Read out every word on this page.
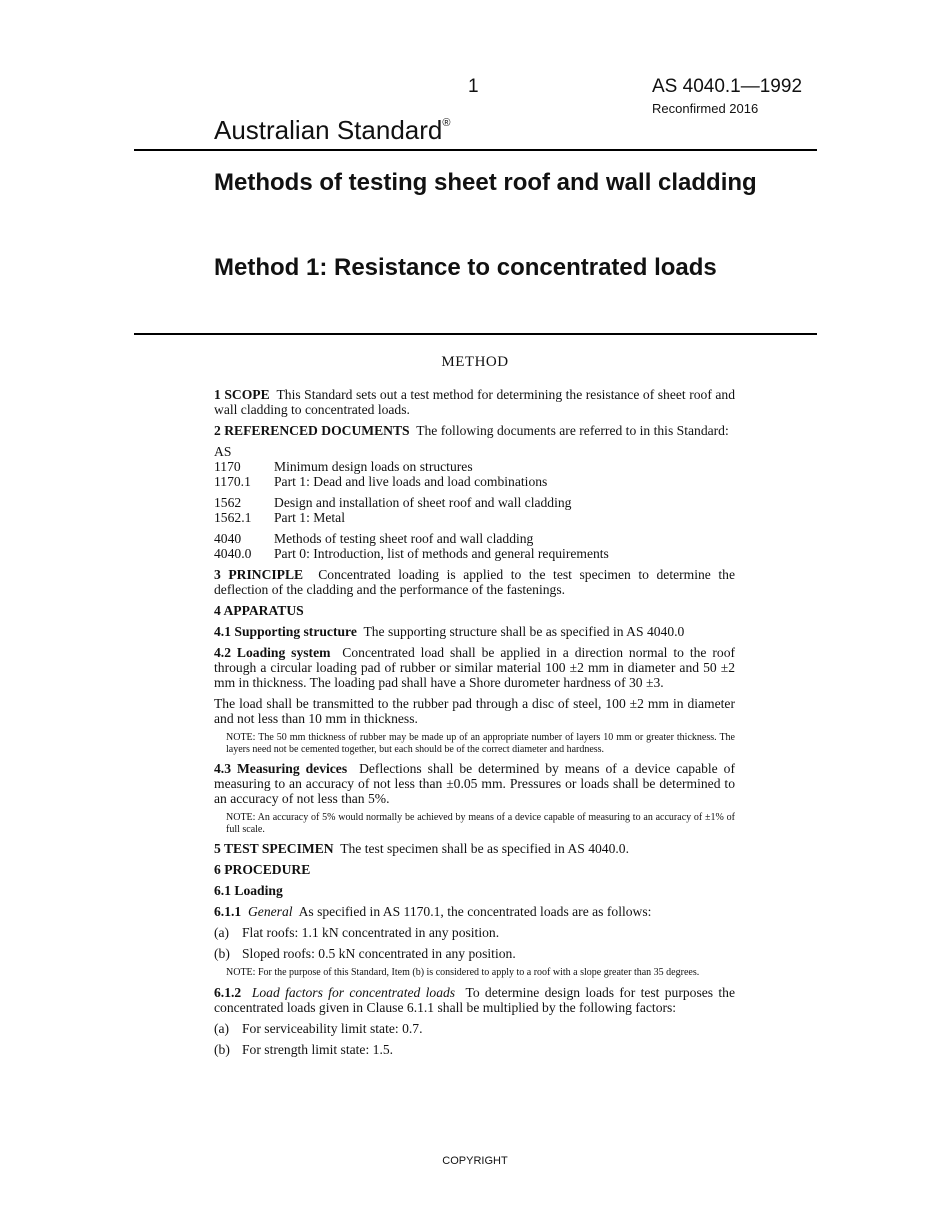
1	AS 4040.1—1992
Reconfirmed 2016
Australian Standard®
Methods of testing sheet roof and wall cladding
Method 1: Resistance to concentrated loads
METHOD

1 SCOPE This Standard sets out a test method for determining the resistance of sheet roof and wall cladding to concentrated loads.

2 REFERENCED DOCUMENTS The following documents are referred to in this Standard:

AS
1170	Minimum design loads on structures
1170.1	Part 1: Dead and live loads and load combinations
1562	Design and installation of sheet roof and wall cladding
1562.1	Part 1: Metal
4040	Methods of testing sheet roof and wall cladding
4040.0	Part 0: Introduction, list of methods and general requirements

3 PRINCIPLE Concentrated loading is applied to the test specimen to determine the deflection of the cladding and the performance of the fastenings.

4 APPARATUS

4.1 Supporting structure The supporting structure shall be as specified in AS 4040.0

4.2 Loading system Concentrated load shall be applied in a direction normal to the roof through a circular loading pad of rubber or similar material 100 ±2 mm in diameter and 50 ±2 mm in thickness. The loading pad shall have a Shore durometer hardness of 30 ±3.

The load shall be transmitted to the rubber pad through a disc of steel, 100 ±2 mm in diameter and not less than 10 mm in thickness.

NOTE: The 50 mm thickness of rubber may be made up of an appropriate number of layers 10 mm or greater thickness. The layers need not be cemented together, but each should be of the correct diameter and hardness.

4.3 Measuring devices Deflections shall be determined by means of a device capable of measuring to an accuracy of not less than ±0.05 mm. Pressures or loads shall be determined to an accuracy of not less than 5%.

NOTE: An accuracy of 5% would normally be achieved by means of a device capable of measuring to an accuracy of ±1% of full scale.

5 TEST SPECIMEN The test specimen shall be as specified in AS 4040.0.

6 PROCEDURE

6.1 Loading

6.1.1 General As specified in AS 1170.1, the concentrated loads are as follows:

(a) Flat roofs: 1.1 kN concentrated in any position.
(b) Sloped roofs: 0.5 kN concentrated in any position.
NOTE: For the purpose of this Standard, Item (b) is considered to apply to a roof with a slope greater than 35 degrees.

6.1.2 Load factors for concentrated loads To determine design loads for test purposes the concentrated loads given in Clause 6.1.1 shall be multiplied by the following factors:

(a) For serviceability limit state: 0.7.
(b) For strength limit state: 1.5.
COPYRIGHT
